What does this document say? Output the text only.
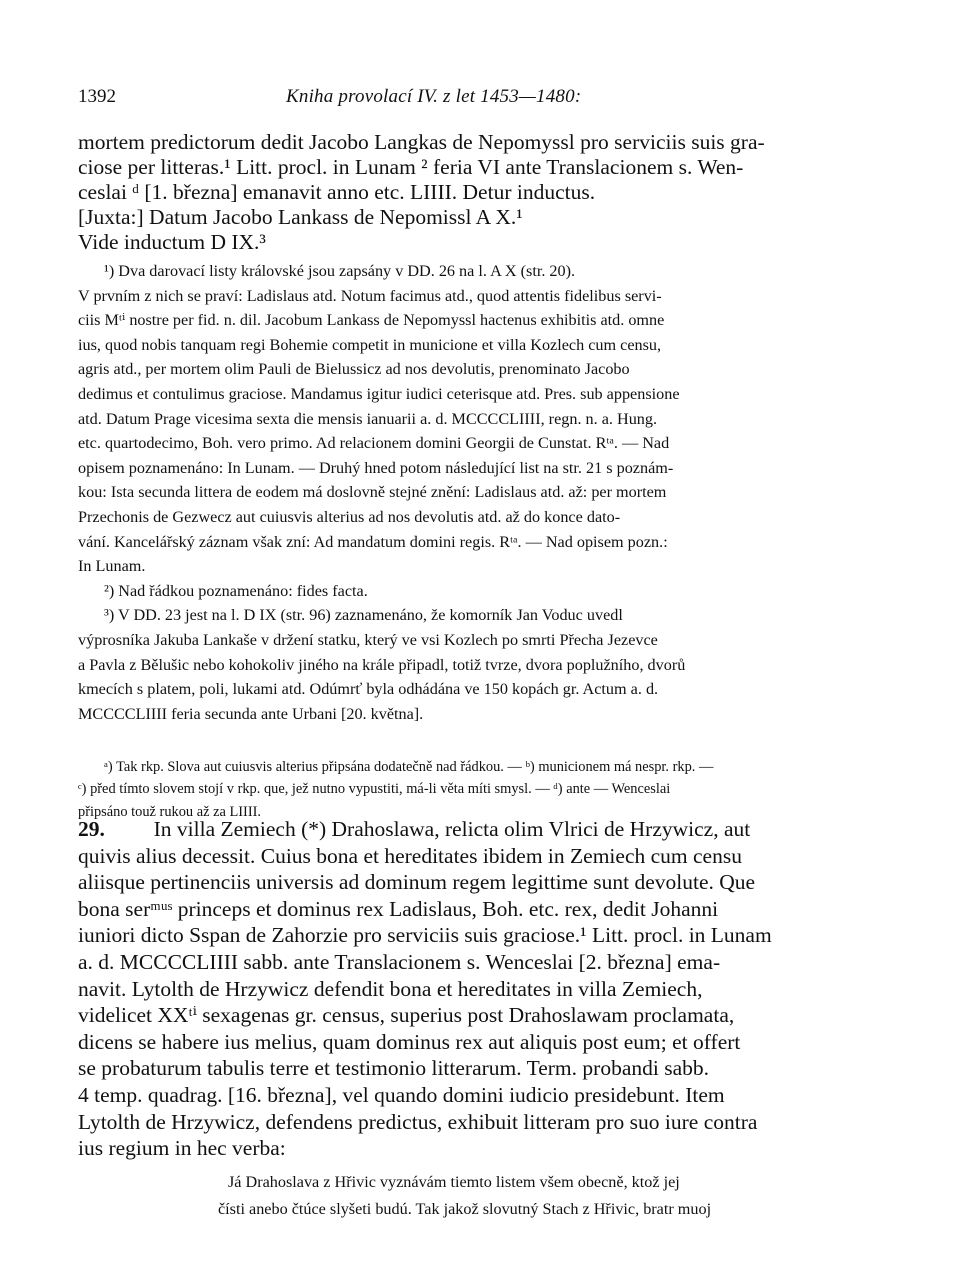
1392	Kniha provolací IV. z let 1453—1480:
mortem predictorum dedit Jacobo Langkas de Nepomyssl pro serviciis suis gra-
ciose per litteras.¹ Litt. procl. in Lunam ² feria VI ante Translacionem s. Wen-
ceslai ᵈ [1. března] emanavit anno etc. LIIII. Detur inductus.
[Juxta:] Datum Jacobo Lankass de Nepomissl A X.¹
Vide inductum D IX.³
¹) Dva darovací listy královské jsou zapsány v DD. 26 na l. A X (str. 20).
V prvním z nich se praví: Ladislaus atd. Notum facimus atd., quod attentis fidelibus servi-
ciis Mᵗⁱ nostre per fid. n. dil. Jacobum Lankass de Nepomyssl hactenus exhibitis atd. omne
ius, quod nobis tanquam regi Bohemie competit in municione et villa Kozlech cum censu,
agris atd., per mortem olim Pauli de Bielussicz ad nos devolutis, prenominato Jacobo
dedimus et contulimus graciose. Mandamus igitur iudici ceterisque atd. Pres. sub appensione
atd. Datum Prage vicesima sexta die mensis ianuarii a. d. MCCCCLIIII, regn. n. a. Hung.
etc. quartodecimo, Boh. vero primo. Ad relacionem domini Georgii de Cunstat. Rᵗᵃ. — Nad
opisem poznamenáno: In Lunam. — Druhý hned potom následující list na str. 21 s poznám-
kou: Ista secunda littera de eodem má doslovně stejné znění: Ladislaus atd. až: per mortem
Przechonis de Gezwecz aut cuiusvis alterius ad nos devolutis atd. až do konce dato-
vání. Kancelářský záznam však zní: Ad mandatum domini regis. Rᵗᵃ. — Nad opisem pozn.:
In Lunam.
²) Nad řádkou poznamenáno: fides facta.
³) V DD. 23 jest na l. D IX (str. 96) zaznamenáno, že komorník Jan Voduc uvedl
výprosníka Jakuba Lankaše v držení statku, který ve vsi Kozlech po smrti Přecha Jezevce
a Pavla z Bělušic nebo kohokoliv jiného na krále připadl, totiž tvrze, dvora poplužního, dvorů
kmecích s platem, poli, lukami atd. Odúmrť byla odhádána ve 150 kopách gr. Actum a. d.
MCCCCLIIII feria secunda ante Urbani [20. května].
ᵃ) Tak rkp. Slova aut cuiusvis alterius připsána dodatečně nad řádkou. — ᵇ) municionem má nespr. rkp. —
ᶜ) před tímto slovem stojí v rkp. que, jež nutno vypustiti, má-li věta míti smysl. — ᵈ) ante — Wenceslai
připsáno touž rukou až za LIIII.
29. In villa Zemiech (*) Drahoslawa, relicta olim Vlrici de Hrzywicz, aut
quivis alius decessit. Cuius bona et hereditates ibidem in Zemiech cum censu
aliisque pertinenciis universis ad dominum regem legittime sunt devolute. Que
bona serᵐᵘˢ princeps et dominus rex Ladislaus, Boh. etc. rex, dedit Johanni
iuniori dicto Sspan de Zahorzie pro serviciis suis graciose.¹ Litt. procl. in Lunam
a. d. MCCCCLIIII sabb. ante Translacionem s. Wenceslai [2. března] ema-
navit. Lytolth de Hrzywicz defendit bona et hereditates in villa Zemiech,
videlicet XXᵗⁱ sexagenas gr. census, superius post Drahoslawam proclamata,
dicens se habere ius melius, quam dominus rex aut aliquis post eum; et offert
se probaturum tabulis terre et testimonio litterarum. Term. probandi sabb.
4 temp. quadrag. [16. března], vel quando domini iudicio presidebunt. Item
Lytolth de Hrzywicz, defendens predictus, exhibuit litteram pro suo iure contra
ius regium in hec verba:
Já Drahoslava z Hřivic vyznávám tiemto listem všem obecně, ktož jej
čísti anebo čtúce slyšeti budú. Tak jakož slovutný Stach z Hřivic, bratr muoj
